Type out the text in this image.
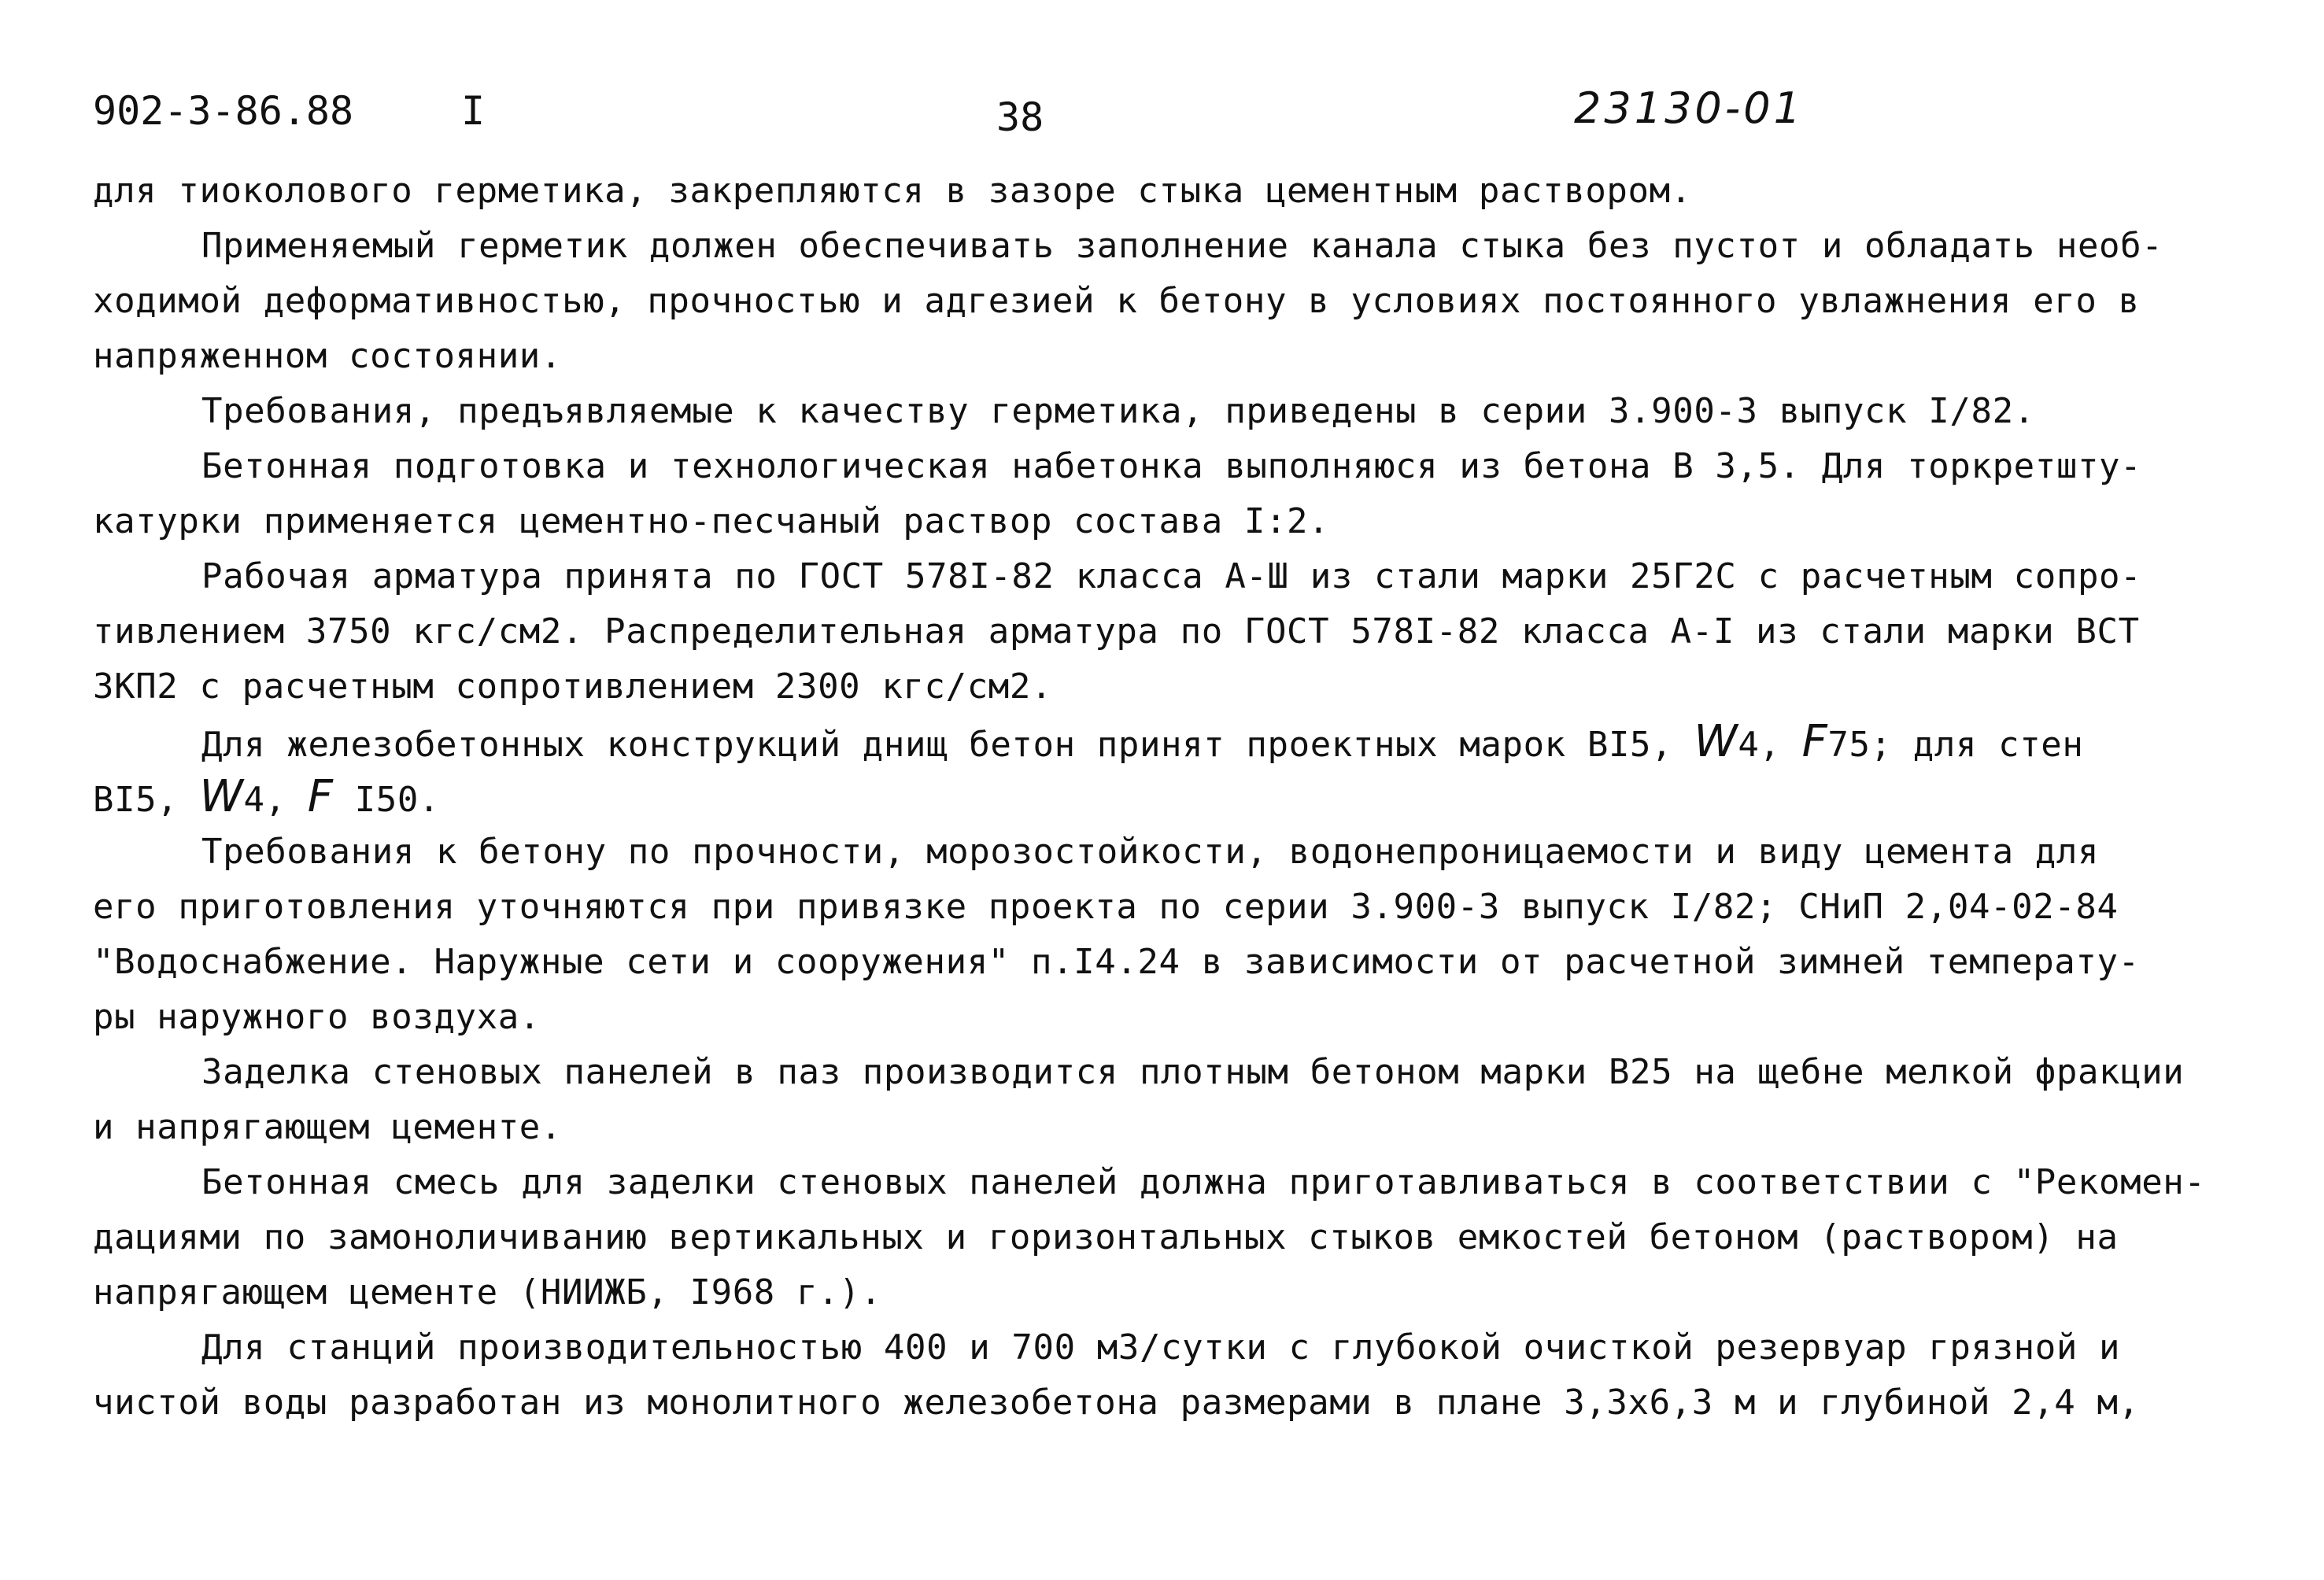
902-3-86.88	I	38	23130-01
для тиоколового герметика, закрепляются в зазоре стыка цементным раствором.
Применяемый герметик должен обеспечивать заполнение канала стыка без пустот и обладать необ-
ходимой деформативностью, прочностью и адгезией к бетону в условиях постоянного увлажнения его в
напряженном состоянии.
Требования, предъявляемые к качеству герметика, приведены в серии 3.900-3 выпуск I/82.
Бетонная подготовка и технологическая набетонка выполняюся из бетона В 3,5. Для торкретшту-
катурки применяется цементно-песчаный раствор состава I:2.
Рабочая арматура принята по ГОСТ 578I-82 класса А-Ш из стали марки 25Г2С с расчетным сопро-
тивлением 3750 кгс/см2. Распределительная арматура по ГОСТ 578I-82 класса А-I из стали марки ВСТ
ЗКП2 с расчетным сопротивлением 2300 кгс/см2.
Для железобетонных конструкций днищ бетон принят проектных марок ВI5, W4, F75; для стен
ВI5, W4, F I50.
Требования к бетону по прочности, морозостойкости, водонепроницаемости и виду цемента для
его приготовления уточняются при привязке проекта по серии 3.900-3 выпуск I/82; СНиП 2,04-02-84
"Водоснабжение. Наружные сети и сооружения" п.I4.24 в зависимости от расчетной зимней температу-
ры наружного воздуха.
Заделка стеновых панелей в паз производится плотным бетоном марки В25 на щебне мелкой фракции
и напрягающем цементе.
Бетонная смесь для заделки стеновых панелей должна приготавливаться в соответствии с "Рекомен-
дациями по замоноличиванию вертикальных и горизонтальных стыков емкостей бетоном (раствором) на
напрягающем цементе (НИИЖБ, I968 г.).
Для станций производительностью 400 и 700 м3/сутки с глубокой очисткой резервуар грязной и
чистой воды разработан из монолитного железобетона размерами в плане 3,3х6,3 м и глубиной 2,4 м,
